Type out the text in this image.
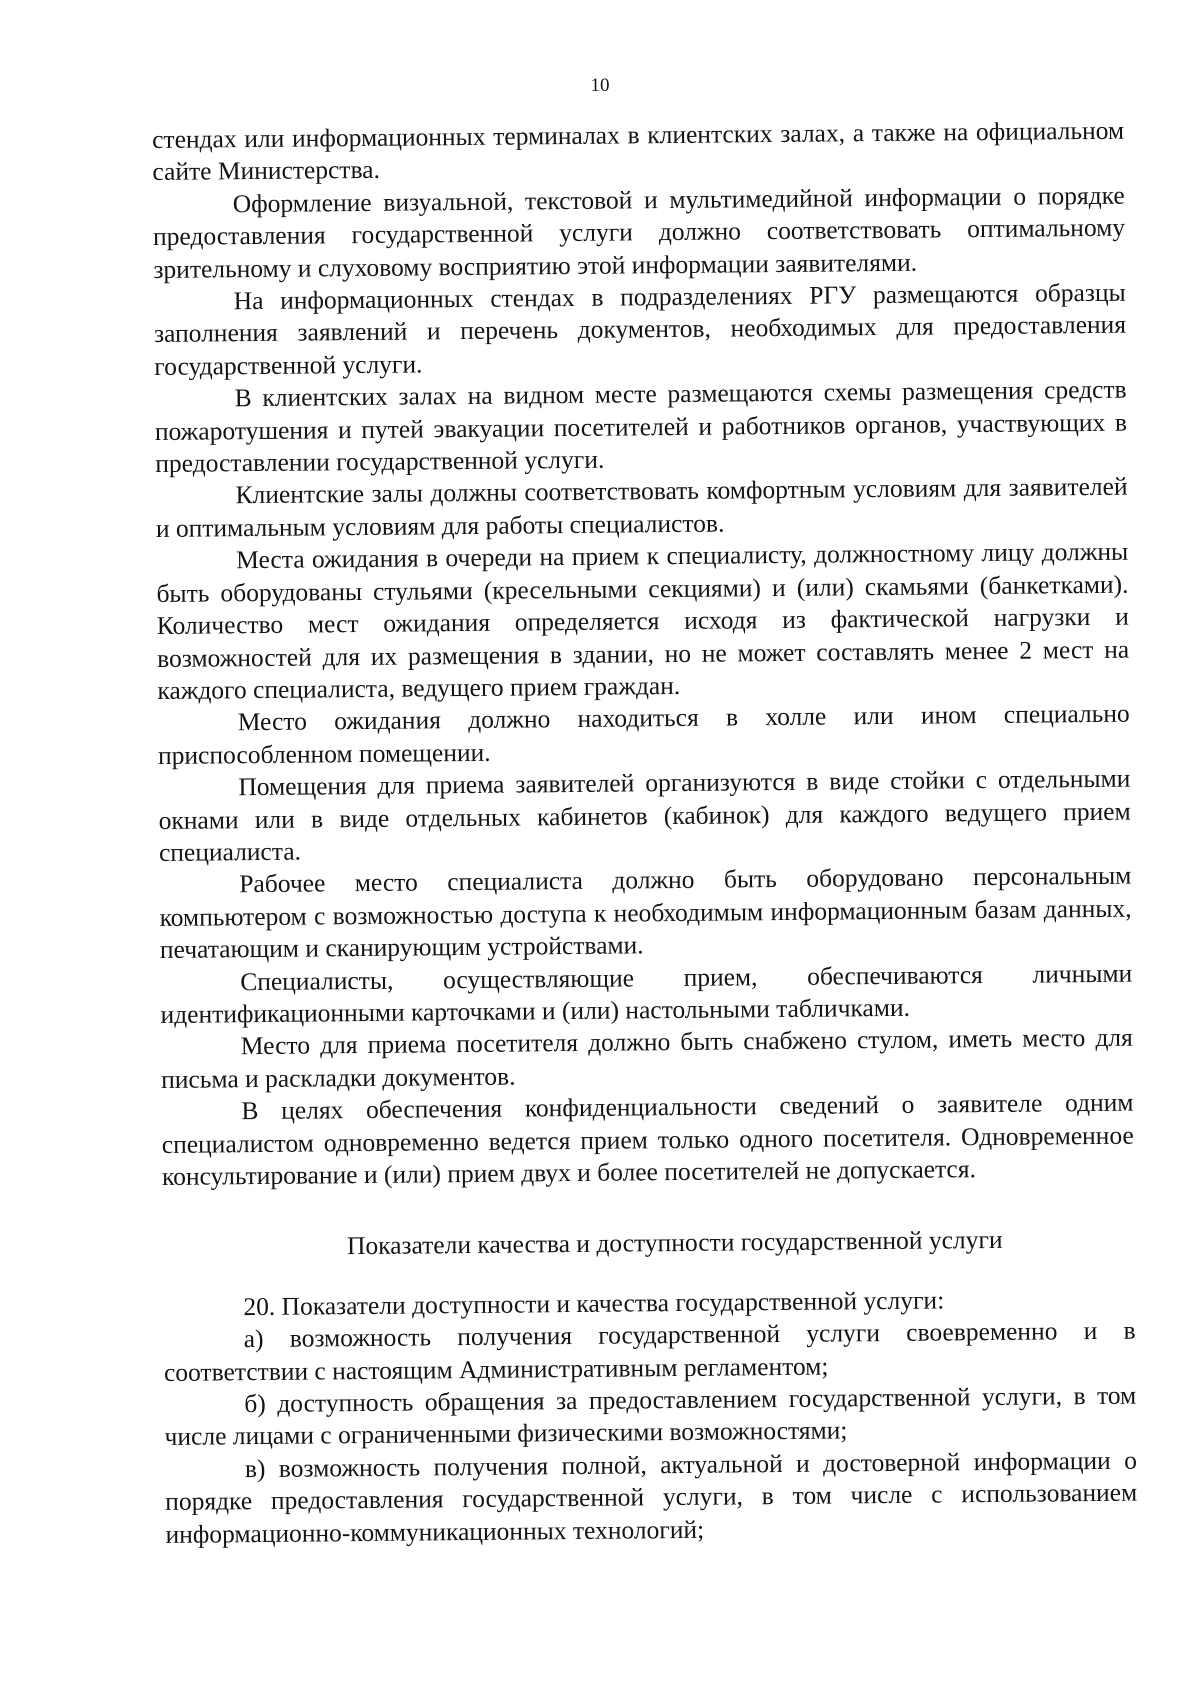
10

стендах или информационных терминалах в клиентских залах, а также на официальном сайте Министерства.

Оформление визуальной, текстовой и мультимедийной информации о порядке предоставления государственной услуги должно соответствовать оптимальному зрительному и слуховому восприятию этой информации заявителями.

На информационных стендах в подразделениях РГУ размещаются образцы заполнения заявлений и перечень документов, необходимых для предоставления государственной услуги.

В клиентских залах на видном месте размещаются схемы размещения средств пожаротушения и путей эвакуации посетителей и работников органов, участвующих в предоставлении государственной услуги.

Клиентские залы должны соответствовать комфортным условиям для заявителей и оптимальным условиям для работы специалистов.

Места ожидания в очереди на прием к специалисту, должностному лицу должны быть оборудованы стульями (кресельными секциями) и (или) скамьями (банкетками). Количество мест ожидания определяется исходя из фактической нагрузки и возможностей для их размещения в здании, но не может составлять менее 2 мест на каждого специалиста, ведущего прием граждан.

Место ожидания должно находиться в холле или ином специально приспособленном помещении.

Помещения для приема заявителей организуются в виде стойки с отдельными окнами или в виде отдельных кабинетов (кабинок) для каждого ведущего прием специалиста.

Рабочее место специалиста должно быть оборудовано персональным компьютером с возможностью доступа к необходимым информационным базам данных, печатающим и сканирующим устройствами.

Специалисты, осуществляющие прием, обеспечиваются личными идентификационными карточками и (или) настольными табличками.

Место для приема посетителя должно быть снабжено стулом, иметь место для письма и раскладки документов.

В целях обеспечения конфиденциальности сведений о заявителе одним специалистом одновременно ведется прием только одного посетителя. Одновременное консультирование и (или) прием двух и более посетителей не допускается.

Показатели качества и доступности государственной услуги

20. Показатели доступности и качества государственной услуги:

а) возможность получения государственной услуги своевременно и в соответствии с настоящим Административным регламентом;

б) доступность обращения за предоставлением государственной услуги, в том числе лицами с ограниченными физическими возможностями;

в) возможность получения полной, актуальной и достоверной информации о порядке предоставления государственной услуги, в том числе с использованием информационно-коммуникационных технологий;
